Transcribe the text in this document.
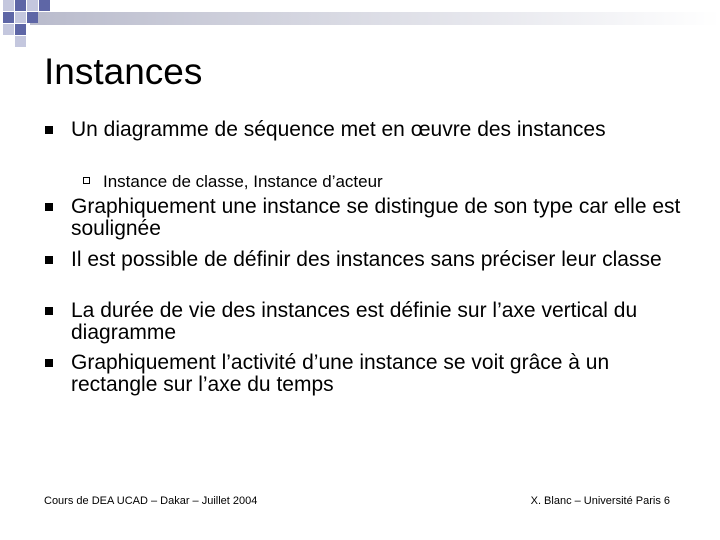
Instances
Un diagramme de séquence met en œuvre des instances
Instance de classe, Instance d’acteur
Graphiquement une instance se distingue de son type car elle est soulignée
Il est possible de définir des instances sans préciser leur classe
La durée de vie des instances est définie sur l’axe vertical du diagramme
Graphiquement l’activité d’une instance se voit grâce à un rectangle sur l’axe du temps
Cours de DEA UCAD – Dakar – Juillet 2004	X. Blanc – Université Paris 6
